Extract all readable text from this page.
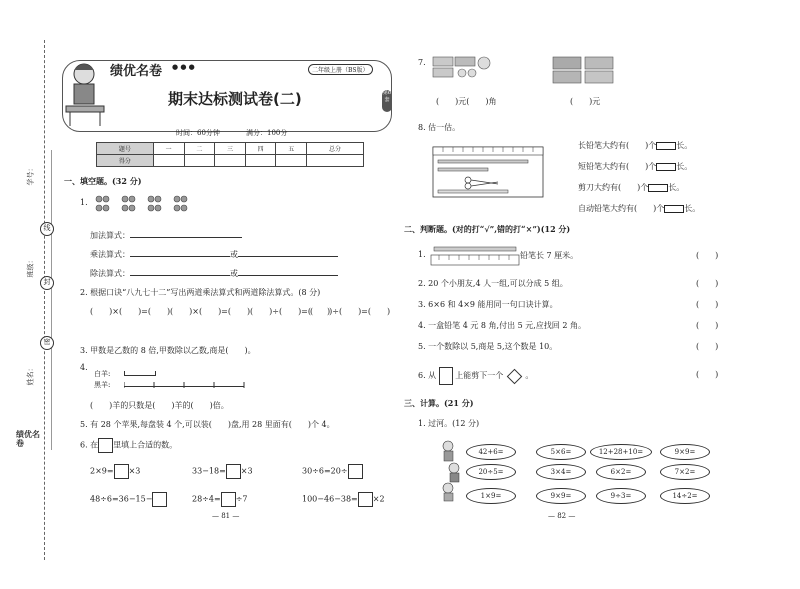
学号：
线
班级：
封
密
姓名：
绩优名卷
绩优名卷 ● ● ●	二年级上册（BS版）
期末达标测试卷(二)	第6套
时间：60分钟	满分：100分
题号	一	二	三	四	五	总分
得分						
一、填空题。(32 分)
1.
加法算式：
乘法算式：	或
除法算式：	或
2. 根据口诀“八九七十二”写出两道乘法算式和两道除法算式。(8 分)
(　　)×(　　)=(　　) (　　)×(　　)=(　　) (　　)÷(　　)=(　　)
(　　)÷(　　)=(　　)
3. 甲数是乙数的 8 倍,甲数除以乙数,商是(　　)。
4.
白羊:
黑羊:
(　　)羊的只数是(　　)羊的(　　)倍。
5. 有 28 个苹果,每盘装 4 个,可以装(　　)盘,用 28 里面有(　　)个 4。
6. 在 里填上合适的数。
2×9= ×3	33−18= ×3	30÷6=20÷
48÷6=36−15−	28÷4= ÷7	100−46−38= ×2
— 81 —
7.
(　　)元(　　)角	(　　)元
8. 估一估。
长铅笔大约有(　　)个	长。
短铅笔大约有(　　)个	长。
剪刀大约有(　　)个	长。
自动铅笔大约有(　　)个	长。
二、判断题。(对的打“√”,错的打“×”)(12 分)
1.	铅笔长 7 厘米。	(　　)
2. 20 个小朋友,4 人一组,可以分成 5 组。	(　　)
3. 6×6 和 4×9 能用同一句口诀计算。	(　　)
4. 一盒铅笔 4 元 8 角,付出 5 元,应找回 2 角。	(　　)
5. 一个数除以 5,商是 5,这个数是 10。	(　　)
6. 从 上能剪下一个	。	(　　)
三、计算。(21 分)
1. 过河。(12 分)
42+6=	5×6=	12+28+10=	9×9=
20÷5=	3×4=	6×2=	7×2=
1×9=	9×9=	9÷3=	14÷2=
— 82 —
